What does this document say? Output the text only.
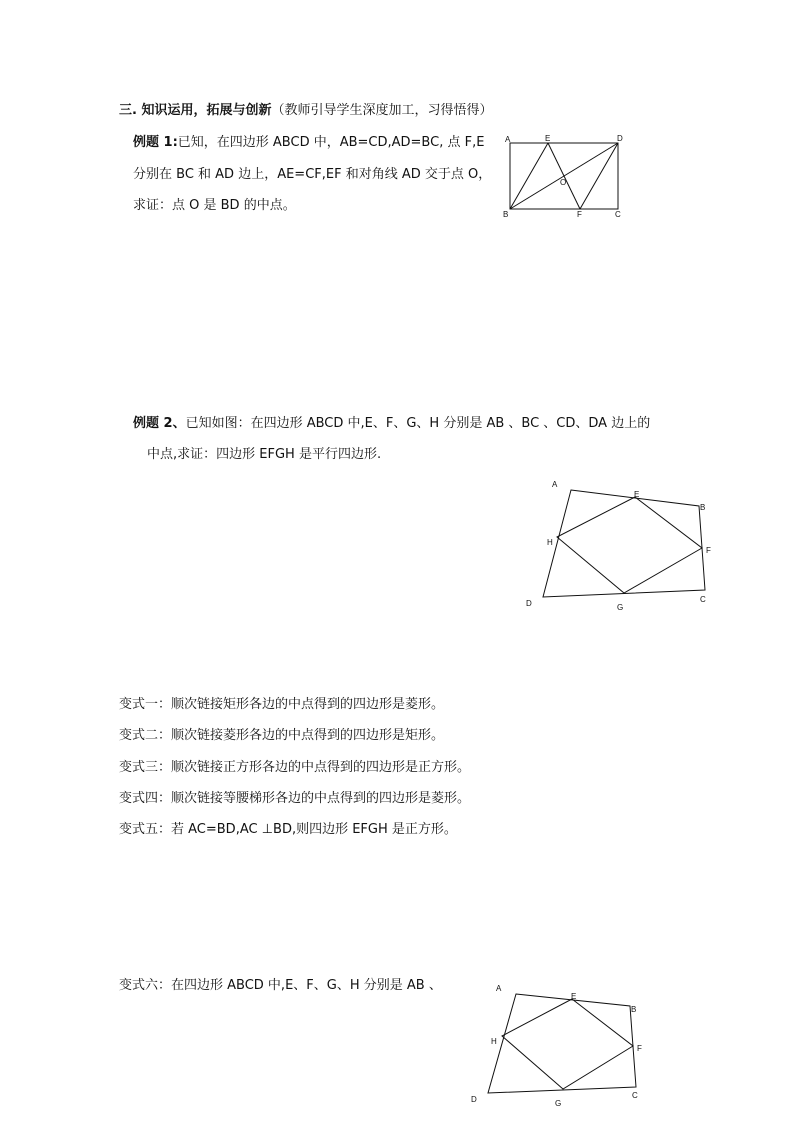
三. 知识运用，拓展与创新（教师引导学生深度加工，习得悟得）
例题 1:已知，在四边形 ABCD 中，AB=CD,AD=BC, 点 F,E
分别在 BC 和 AD 边上，AE=CF,EF 和对角线 AD 交于点 O，
求证：点 O 是 BD 的中点。
A	E	D
O
B	F	C
例题 2、已知如图：在四边形 ABCD 中,E、F、G、H 分别是 AB 、BC 、CD、DA 边上的
中点,求证：四边形 EFGH 是平行四边形.
A
E
B
H
F
D	G
C
变式一：顺次链接矩形各边的中点得到的四边形是菱形。
变式二：顺次链接菱形各边的中点得到的四边形是矩形。
变式三：顺次链接正方形各边的中点得到的四边形是正方形。
变式四：顺次链接等腰梯形各边的中点得到的四边形是菱形。
变式五：若 AC=BD,AC ⊥BD,则四边形 EFGH 是正方形。
变式六：在四边形 ABCD 中,E、F、G、H 分别是 AB 、	A
E
B
H
F
D	G
C
